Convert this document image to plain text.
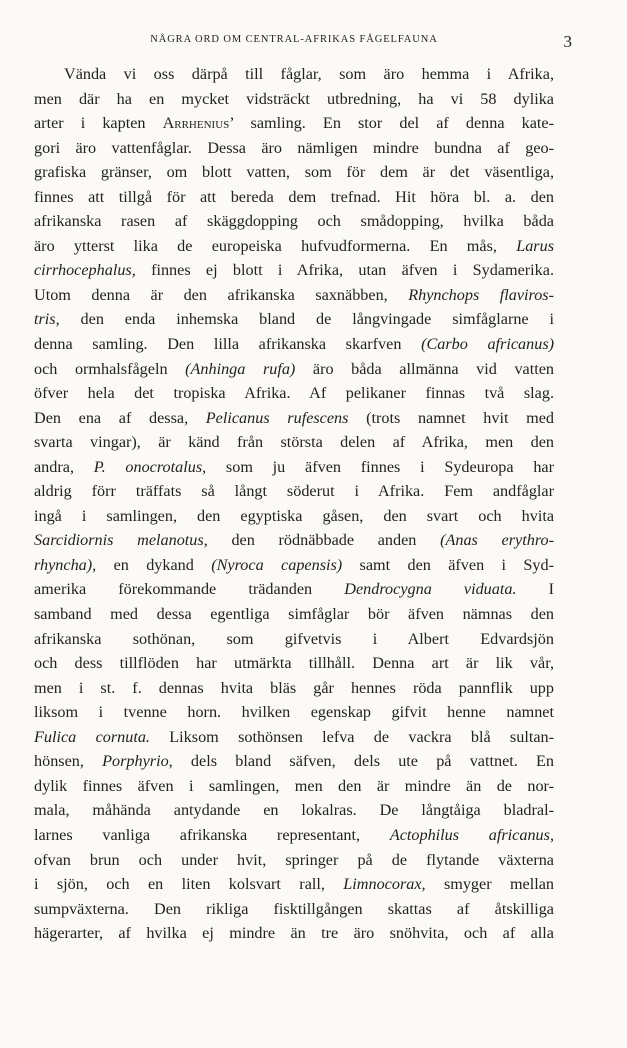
NÅGRA ORD OM CENTRAL-AFRIKAS FÅGELFAUNA	3
Vända vi oss därpå till fåglar, som äro hemma i Afrika,
men där ha en mycket vidsträckt utbredning, ha vi 58 dylika
arter i kapten Arrhenius’ samling. En stor del af denna kate-
gori äro vattenfåglar. Dessa äro nämligen mindre bundna af geo-
grafiska gränser, om blott vatten, som för dem är det väsentliga,
finnes att tillgå för att bereda dem trefnad. Hit höra bl. a. den
afrikanska rasen af skäggdopping och smådopping, hvilka båda
äro ytterst lika de europeiska hufvudformerna. En mås, Larus
cirrhocephalus, finnes ej blott i Afrika, utan äfven i Sydamerika.
Utom denna är den afrikanska saxnäbben, Rhynchops flaviros-
tris, den enda inhemska bland de långvingade simfåglarne i
denna samling. Den lilla afrikanska skarfven (Carbo africanus)
och ormhalsfågeln (Anhinga rufa) äro båda allmänna vid vatten
öfver hela det tropiska Afrika. Af pelikaner finnas två slag.
Den ena af dessa, Pelicanus rufescens (trots namnet hvit med
svarta vingar), är känd från största delen af Afrika, men den
andra, P. onocrotalus, som ju äfven finnes i Sydeuropa har
aldrig förr träffats så långt söderut i Afrika. Fem andfåglar
ingå i samlingen, den egyptiska gåsen, den svart och hvita
Sarcidiornis melanotus, den rödnäbbade anden (Anas erythro-
rhyncha), en dykand (Nyroca capensis) samt den äfven i Syd-
amerika förekommande trädanden Dendrocygna viduata. I
samband med dessa egentliga simfåglar bör äfven nämnas den
afrikanska sothönan, som gifvetvis i Albert Edvardsjön
och dess tillflöden har utmärkta tillhåll. Denna art är lik vår,
men i st. f. dennas hvita bläs går hennes röda pannflik upp
liksom i tvenne horn. hvilken egenskap gifvit henne namnet
Fulica cornuta. Liksom sothönsen lefva de vackra blå sultan-
hönsen, Porphyrio, dels bland säfven, dels ute på vattnet. En
dylik finnes äfven i samlingen, men den är mindre än de nor-
mala, måhända antydande en lokalras. De långtåiga bladral-
larnes vanliga afrikanska representant, Actophilus africanus,
ofvan brun och under hvit, springer på de flytande växterna
i sjön, och en liten kolsvart rall, Limnocorax, smyger mellan
sumpväxterna. Den rikliga fisktillgången skattas af åtskilliga
hägerarter, af hvilka ej mindre än tre äro snöhvita, och af alla
